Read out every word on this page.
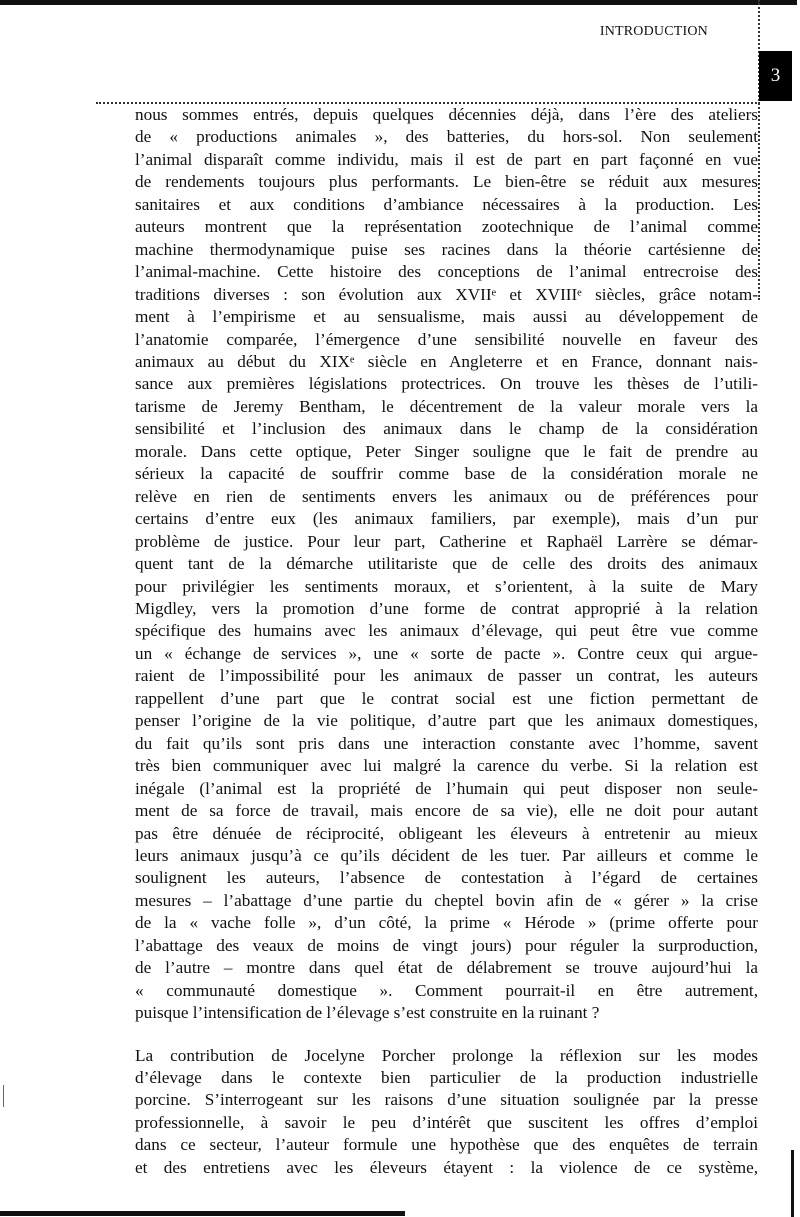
INTRODUCTION
3
nous sommes entrés, depuis quelques décennies déjà, dans l’ère des ateliers
de « productions animales », des batteries, du hors-sol. Non seulement
l’animal disparaît comme individu, mais il est de part en part façonné en vue
de rendements toujours plus performants. Le bien-être se réduit aux mesures
sanitaires et aux conditions d’ambiance nécessaires à la production. Les
auteurs montrent que la représentation zootechnique de l’animal comme
machine thermodynamique puise ses racines dans la théorie cartésienne de
l’animal-machine. Cette histoire des conceptions de l’animal entrecroise des
traditions diverses : son évolution aux XVIIᵉ et XVIIIᵉ siècles, grâce notam-
ment à l’empirisme et au sensualisme, mais aussi au développement de
l’anatomie comparée, l’émergence d’une sensibilité nouvelle en faveur des
animaux au début du XIXᵉ siècle en Angleterre et en France, donnant nais-
sance aux premières législations protectrices. On trouve les thèses de l’utili-
tarisme de Jeremy Bentham, le décentrement de la valeur morale vers la
sensibilité et l’inclusion des animaux dans le champ de la considération
morale. Dans cette optique, Peter Singer souligne que le fait de prendre au
sérieux la capacité de souffrir comme base de la considération morale ne
relève en rien de sentiments envers les animaux ou de préférences pour
certains d’entre eux (les animaux familiers, par exemple), mais d’un pur
problème de justice. Pour leur part, Catherine et Raphaël Larrère se démar-
quent tant de la démarche utilitariste que de celle des droits des animaux
pour privilégier les sentiments moraux, et s’orientent, à la suite de Mary
Migdley, vers la promotion d’une forme de contrat approprié à la relation
spécifique des humains avec les animaux d’élevage, qui peut être vue comme
un « échange de services », une « sorte de pacte ». Contre ceux qui argue-
raient de l’impossibilité pour les animaux de passer un contrat, les auteurs
rappellent d’une part que le contrat social est une fiction permettant de
penser l’origine de la vie politique, d’autre part que les animaux domestiques,
du fait qu’ils sont pris dans une interaction constante avec l’homme, savent
très bien communiquer avec lui malgré la carence du verbe. Si la relation est
inégale (l’animal est la propriété de l’humain qui peut disposer non seule-
ment de sa force de travail, mais encore de sa vie), elle ne doit pour autant
pas être dénuée de réciprocité, obligeant les éleveurs à entretenir au mieux
leurs animaux jusqu’à ce qu’ils décident de les tuer. Par ailleurs et comme le
soulignent les auteurs, l’absence de contestation à l’égard de certaines
mesures – l’abattage d’une partie du cheptel bovin afin de « gérer » la crise
de la « vache folle », d’un côté, la prime « Hérode » (prime offerte pour
l’abattage des veaux de moins de vingt jours) pour réguler la surproduction,
de l’autre – montre dans quel état de délabrement se trouve aujourd’hui la
« communauté domestique ». Comment pourrait-il en être autrement,
puisque l’intensification de l’élevage s’est construite en la ruinant ?
La contribution de Jocelyne Porcher prolonge la réflexion sur les modes
d’élevage dans le contexte bien particulier de la production industrielle
porcine. S’interrogeant sur les raisons d’une situation soulignée par la presse
professionnelle, à savoir le peu d’intérêt que suscitent les offres d’emploi
dans ce secteur, l’auteur formule une hypothèse que des enquêtes de terrain
et des entretiens avec les éleveurs étayent : la violence de ce système,
